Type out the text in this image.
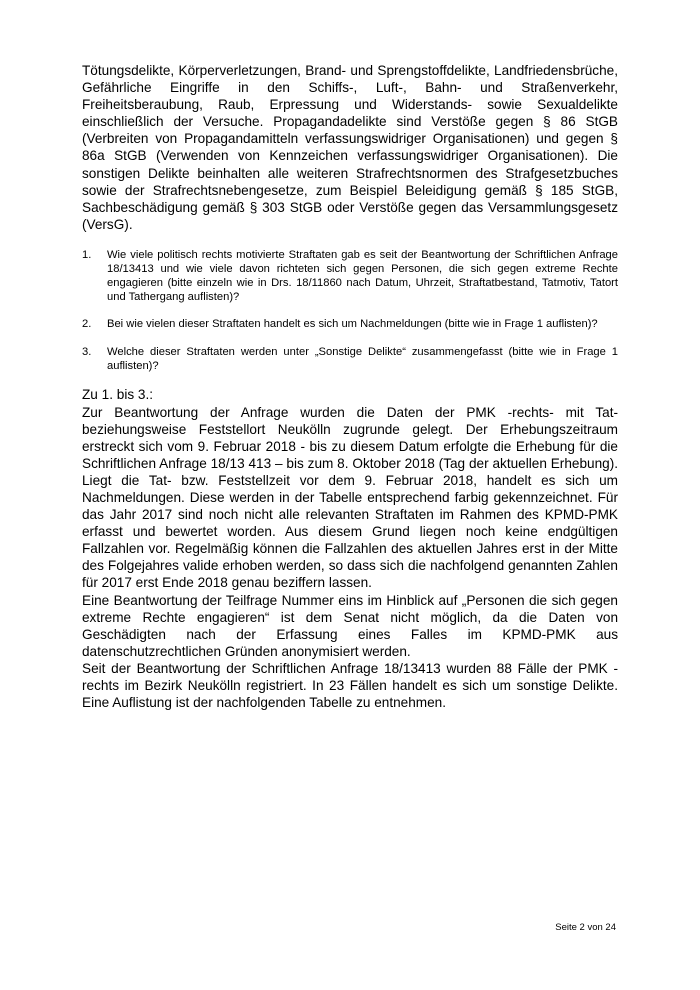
Tötungsdelikte, Körperverletzungen, Brand- und Sprengstoffdelikte, Landfriedensbrüche, Gefährliche Eingriffe in den Schiffs-, Luft-, Bahn- und Straßenverkehr, Freiheitsberaubung, Raub, Erpressung und Widerstands- sowie Sexualdelikte einschließlich der Versuche. Propagandadelikte sind Verstöße gegen § 86 StGB (Verbreiten von Propagandamitteln verfassungswidriger Organisationen) und gegen § 86a StGB (Verwenden von Kennzeichen verfassungswidriger Organisationen). Die sonstigen Delikte beinhalten alle weiteren Strafrechtsnormen des Strafgesetzbuches sowie der Strafrechtsnebengesetze, zum Beispiel Beleidigung gemäß § 185 StGB, Sachbeschädigung gemäß § 303 StGB oder Verstöße gegen das Versammlungsgesetz (VersG).

1. Wie viele politisch rechts motivierte Straftaten gab es seit der Beantwortung der Schriftlichen Anfrage 18/13413 und wie viele davon richteten sich gegen Personen, die sich gegen extreme Rechte engagieren (bitte einzeln wie in Drs. 18/11860 nach Datum, Uhrzeit, Straftatbestand, Tatmotiv, Tatort und Tathergang auflisten)?
2. Bei wie vielen dieser Straftaten handelt es sich um Nachmeldungen (bitte wie in Frage 1 auflisten)?
3. Welche dieser Straftaten werden unter „Sonstige Delikte“ zusammengefasst (bitte wie in Frage 1 auflisten)?

Zu 1. bis 3.:

Zur Beantwortung der Anfrage wurden die Daten der PMK -rechts- mit Tat- beziehungsweise Feststellort Neukölln zugrunde gelegt. Der Erhebungszeitraum erstreckt sich vom 9. Februar 2018 - bis zu diesem Datum erfolgte die Erhebung für die Schriftlichen Anfrage 18/13 413 – bis zum 8. Oktober 2018 (Tag der aktuellen Erhebung). Liegt die Tat- bzw. Feststellzeit vor dem 9. Februar 2018, handelt es sich um Nachmeldungen. Diese werden in der Tabelle entsprechend farbig gekennzeichnet. Für das Jahr 2017 sind noch nicht alle relevanten Straftaten im Rahmen des KPMD-PMK erfasst und bewertet worden. Aus diesem Grund liegen noch keine endgültigen Fallzahlen vor. Regelmäßig können die Fallzahlen des aktuellen Jahres erst in der Mitte des Folgejahres valide erhoben werden, so dass sich die nachfolgend genannten Zahlen für 2017 erst Ende 2018 genau beziffern lassen.

Eine Beantwortung der Teilfrage Nummer eins im Hinblick auf „Personen die sich gegen extreme Rechte engagieren“ ist dem Senat nicht möglich, da die Daten von Geschädigten nach der Erfassung eines Falles im KPMD-PMK aus datenschutzrechtlichen Gründen anonymisiert werden.

Seit der Beantwortung der Schriftlichen Anfrage 18/13413 wurden 88 Fälle der PMK -rechts im Bezirk Neukölln registriert. In 23 Fällen handelt es sich um sonstige Delikte. Eine Auflistung ist der nachfolgenden Tabelle zu entnehmen.

Seite 2 von 24
